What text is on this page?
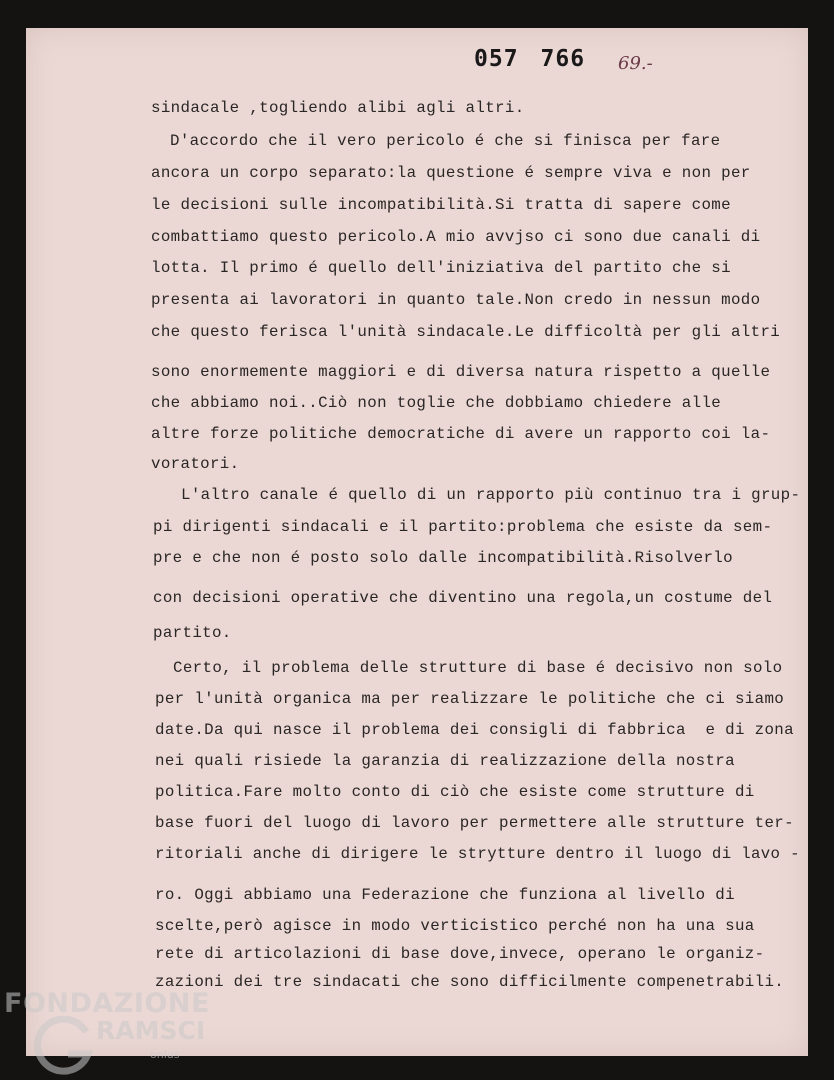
057 766 69.-
sindacale ,togliendo alibi agli altri.
D'accordo che il vero pericolo é che si finisca per fare
ancora un corpo separato:la questione é sempre viva e non per
le decisioni sulle incompatibilità.Si tratta di sapere come
combattiamo questo pericolo.A mio avvjso ci sono due canali di
lotta. Il primo é quello dell'iniziativa del partito che si
presenta ai lavoratori in quanto tale.Non credo in nessun modo
che questo ferisca l'unità sindacale.Le difficoltà per gli altri
sono enormemente maggiori e di diversa natura rispetto a quelle
che abbiamo noi..Ciò non toglie che dobbiamo chiedere alle
altre forze politiche democratiche di avere un rapporto coi la-
voratori.
L'altro canale é quello di un rapporto più continuo tra i grup-
pi dirigenti sindacali e il partito:problema che esiste da sem-
pre e che non é posto solo dalle incompatibilità.Risolverlo
con decisioni operative che diventino una regola,un costume del
partito.
Certo, il problema delle strutture di base é decisivo non solo
per l'unità organica ma per realizzare le politiche che ci siamo
date.Da qui nasce il problema dei consigli di fabbrica  e di zona
nei quali risiede la garanzia di realizzazione della nostra
politica.Fare molto conto di ciò che esiste come strutture di
base fuori del luogo di lavoro per permettere alle strutture ter-
ritoriali anche di dirigere le strytture dentro il luogo di lavo -
ro. Oggi abbiamo una Federazione che funziona al livello di
scelte,però agisce in modo verticistico perché non ha una sua
rete di articolazioni di base dove,invece, operano le organiz-
zazioni dei tre sindacati che sono difficilmente compenetrabili.
FONDAZIONE
RAMSCI
onlus
